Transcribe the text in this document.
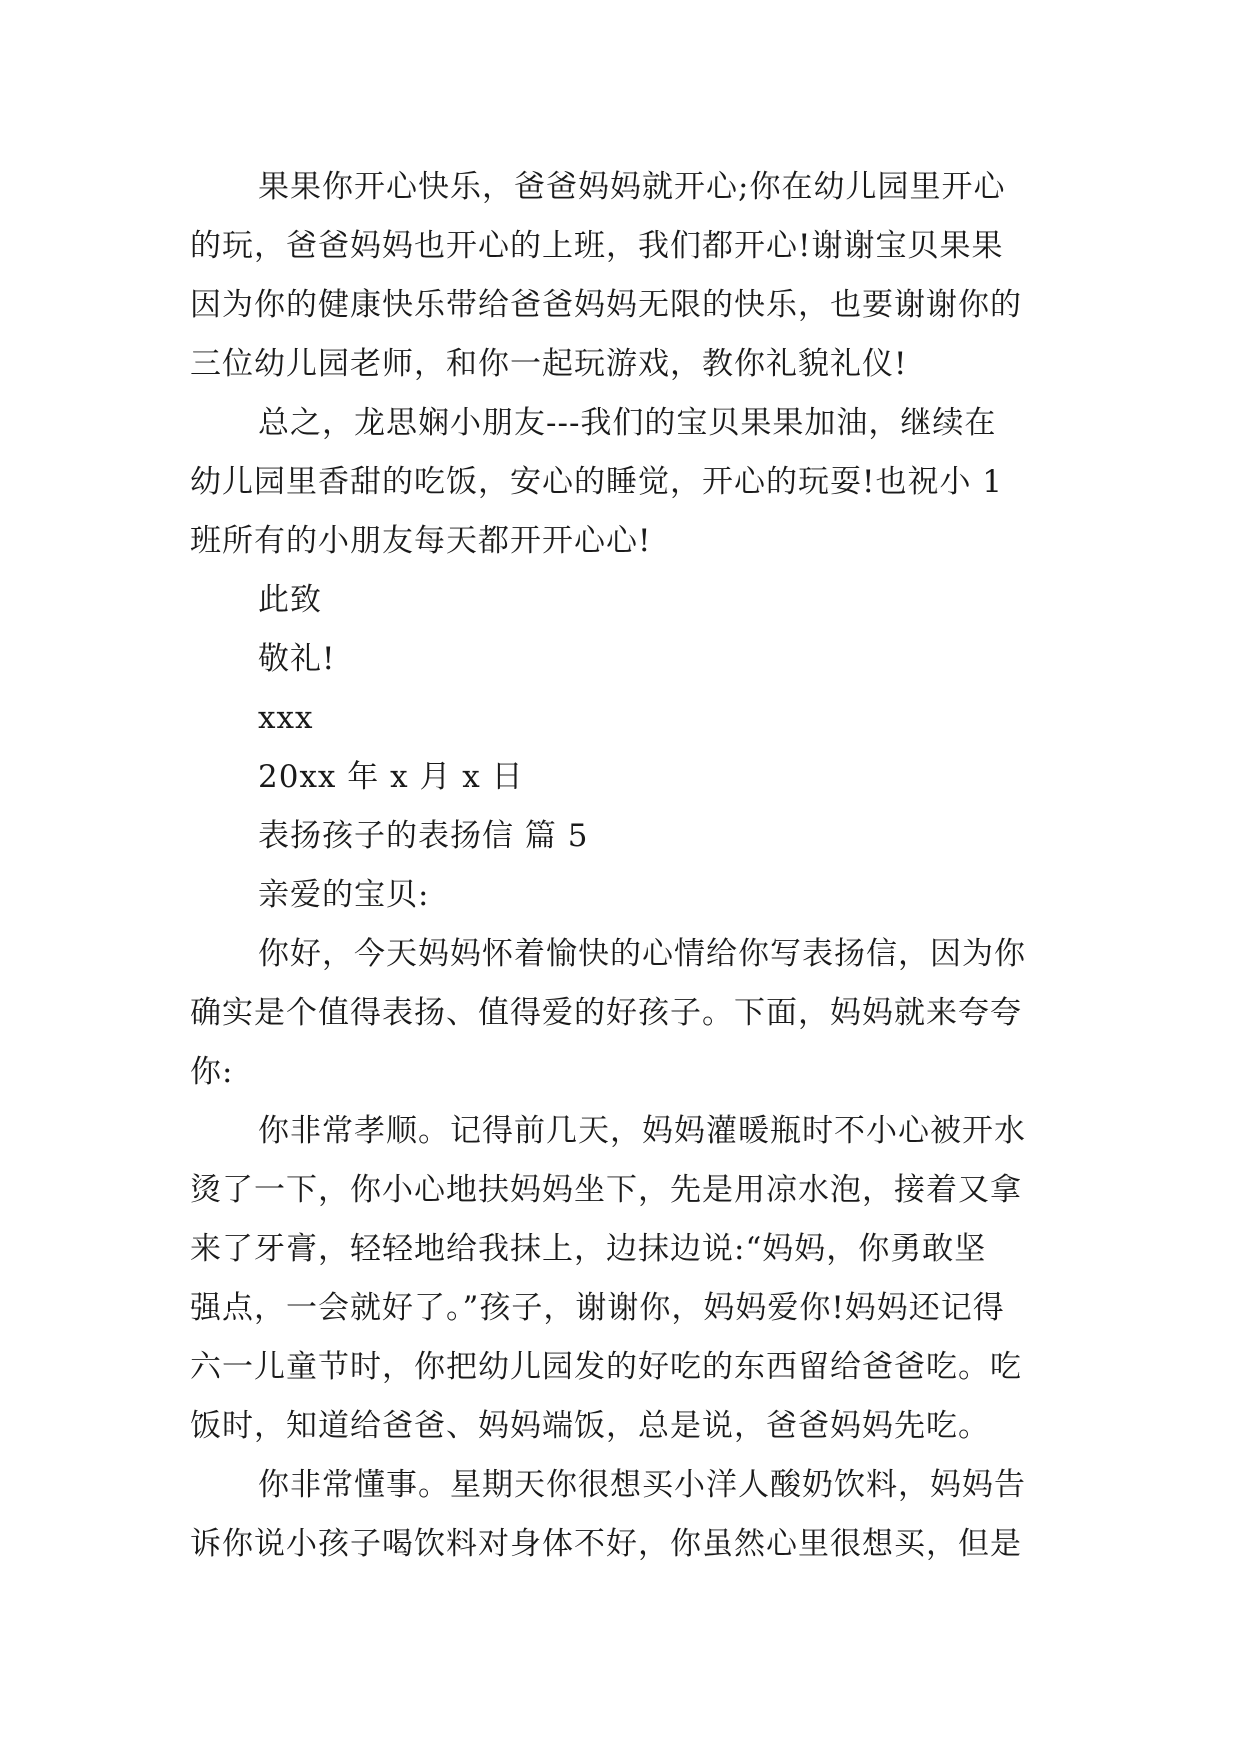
果果你开心快乐，爸爸妈妈就开心;你在幼儿园里开心
的玩，爸爸妈妈也开心的上班，我们都开心!谢谢宝贝果果
因为你的健康快乐带给爸爸妈妈无限的快乐，也要谢谢你的
三位幼儿园老师，和你一起玩游戏，教你礼貌礼仪!
总之，龙思娴小朋友---我们的宝贝果果加油，继续在
幼儿园里香甜的吃饭，安心的睡觉，开心的玩耍!也祝小 1
班所有的小朋友每天都开开心心!
此致
敬礼!
xxx
20xx 年 x 月 x 日
表扬孩子的表扬信 篇 5
亲爱的宝贝:
你好，今天妈妈怀着愉快的心情给你写表扬信，因为你
确实是个值得表扬、值得爱的好孩子。下面，妈妈就来夸夸
你:
你非常孝顺。记得前几天，妈妈灌暖瓶时不小心被开水
烫了一下，你小心地扶妈妈坐下，先是用凉水泡，接着又拿
来了牙膏，轻轻地给我抹上，边抹边说:“妈妈，你勇敢坚
强点，一会就好了。”孩子，谢谢你，妈妈爱你!妈妈还记得
六一儿童节时，你把幼儿园发的好吃的东西留给爸爸吃。吃
饭时，知道给爸爸、妈妈端饭，总是说，爸爸妈妈先吃。
你非常懂事。星期天你很想买小洋人酸奶饮料，妈妈告
诉你说小孩子喝饮料对身体不好，你虽然心里很想买，但是
